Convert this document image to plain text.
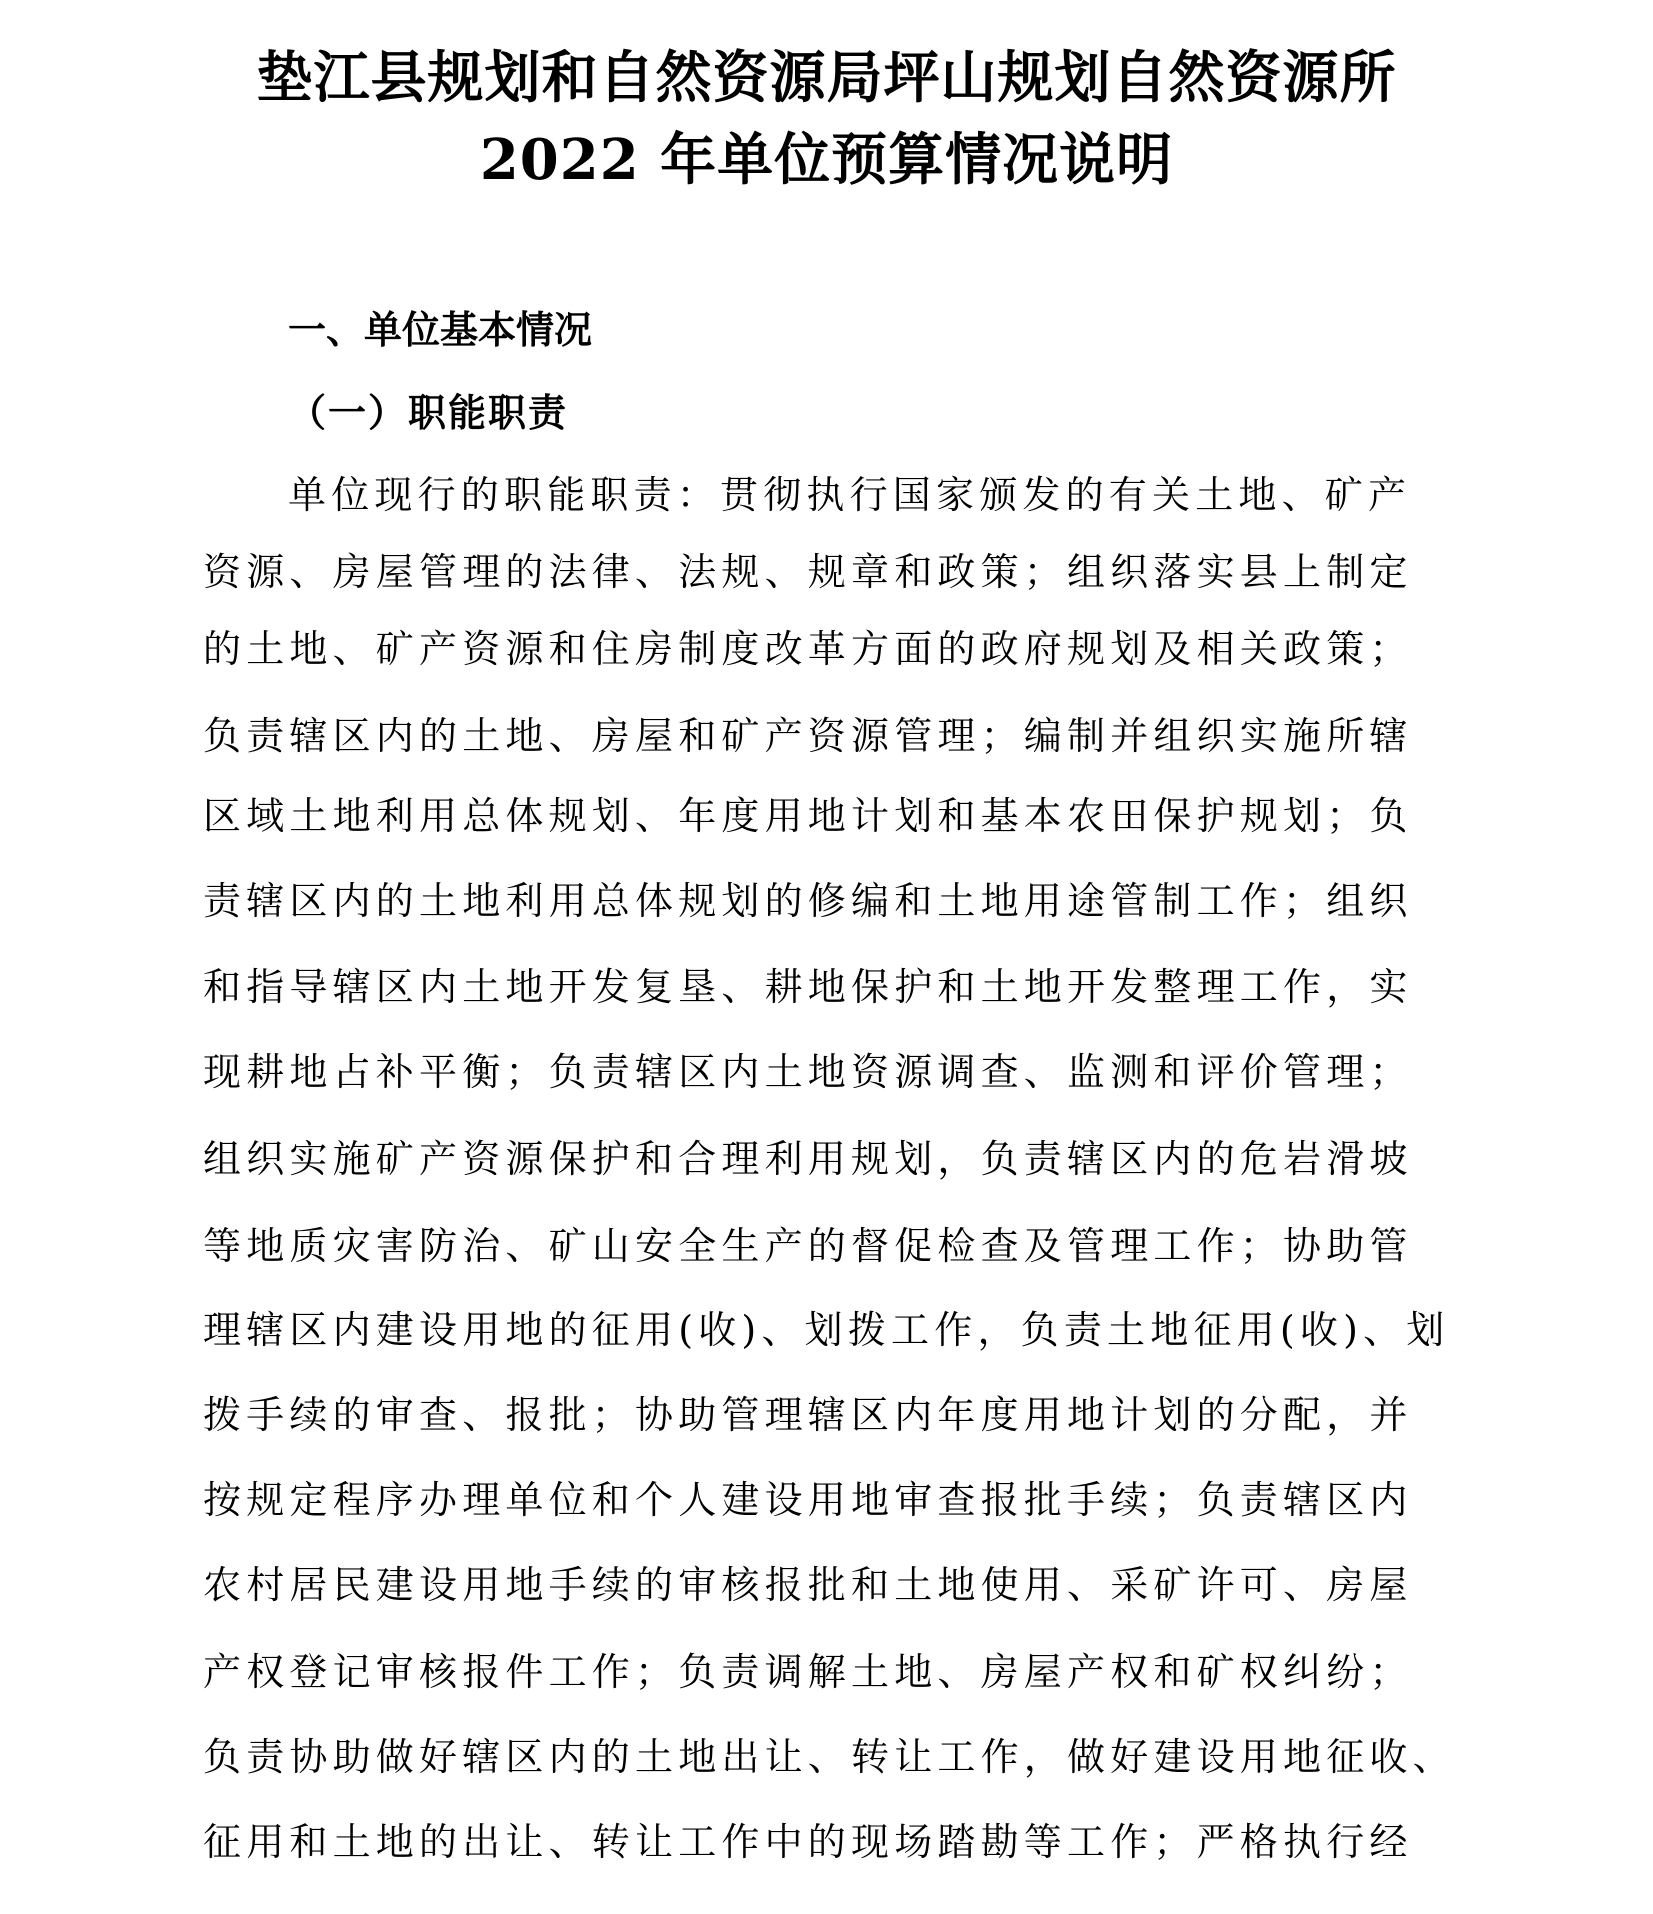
垫江县规划和自然资源局坪山规划自然资源所
2022 年单位预算情况说明
一、单位基本情况
（一）职能职责

单位现行的职能职责：贯彻执行国家颁发的有关土地、矿产

资源、房屋管理的法律、法规、规章和政策；组织落实县上制定

的土地、矿产资源和住房制度改革方面的政府规划及相关政策；

负责辖区内的土地、房屋和矿产资源管理；编制并组织实施所辖

区域土地利用总体规划、年度用地计划和基本农田保护规划；负

责辖区内的土地利用总体规划的修编和土地用途管制工作；组织

和指导辖区内土地开发复垦、耕地保护和土地开发整理工作，实

现耕地占补平衡；负责辖区内土地资源调查、监测和评价管理；

组织实施矿产资源保护和合理利用规划，负责辖区内的危岩滑坡

等地质灾害防治、矿山安全生产的督促检查及管理工作；协助管

理辖区内建设用地的征用(收)、划拨工作，负责土地征用(收)、划

拨手续的审查、报批；协助管理辖区内年度用地计划的分配，并

按规定程序办理单位和个人建设用地审查报批手续；负责辖区内

农村居民建设用地手续的审核报批和土地使用、采矿许可、房屋

产权登记审核报件工作；负责调解土地、房屋产权和矿权纠纷；

负责协助做好辖区内的土地出让、转让工作，做好建设用地征收、

征用和土地的出让、转让工作中的现场踏勘等工作；严格执行经
